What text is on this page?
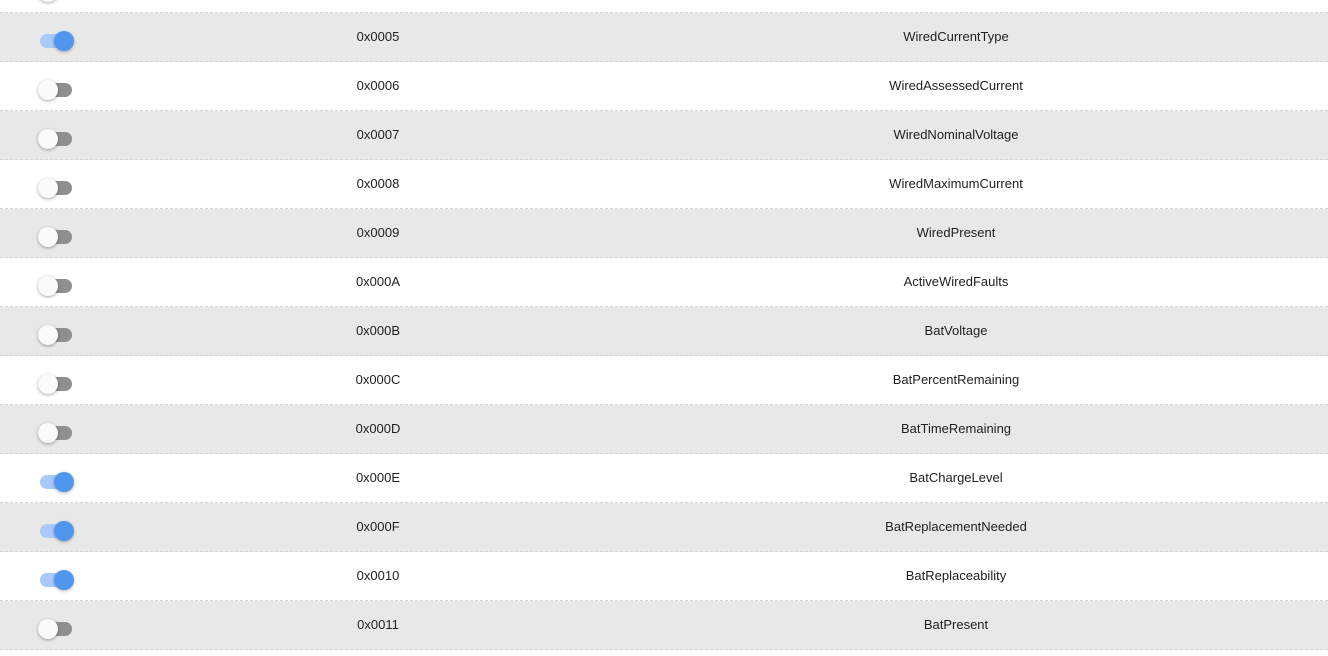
0x0005	WiredCurrentType
0x0006	WiredAssessedCurrent
0x0007	WiredNominalVoltage
0x0008	WiredMaximumCurrent
0x0009	WiredPresent
0x000A	ActiveWiredFaults
0x000B	BatVoltage
0x000C	BatPercentRemaining
0x000D	BatTimeRemaining
0x000E	BatChargeLevel
0x000F	BatReplacementNeeded
0x0010	BatReplaceability
0x0011	BatPresent
